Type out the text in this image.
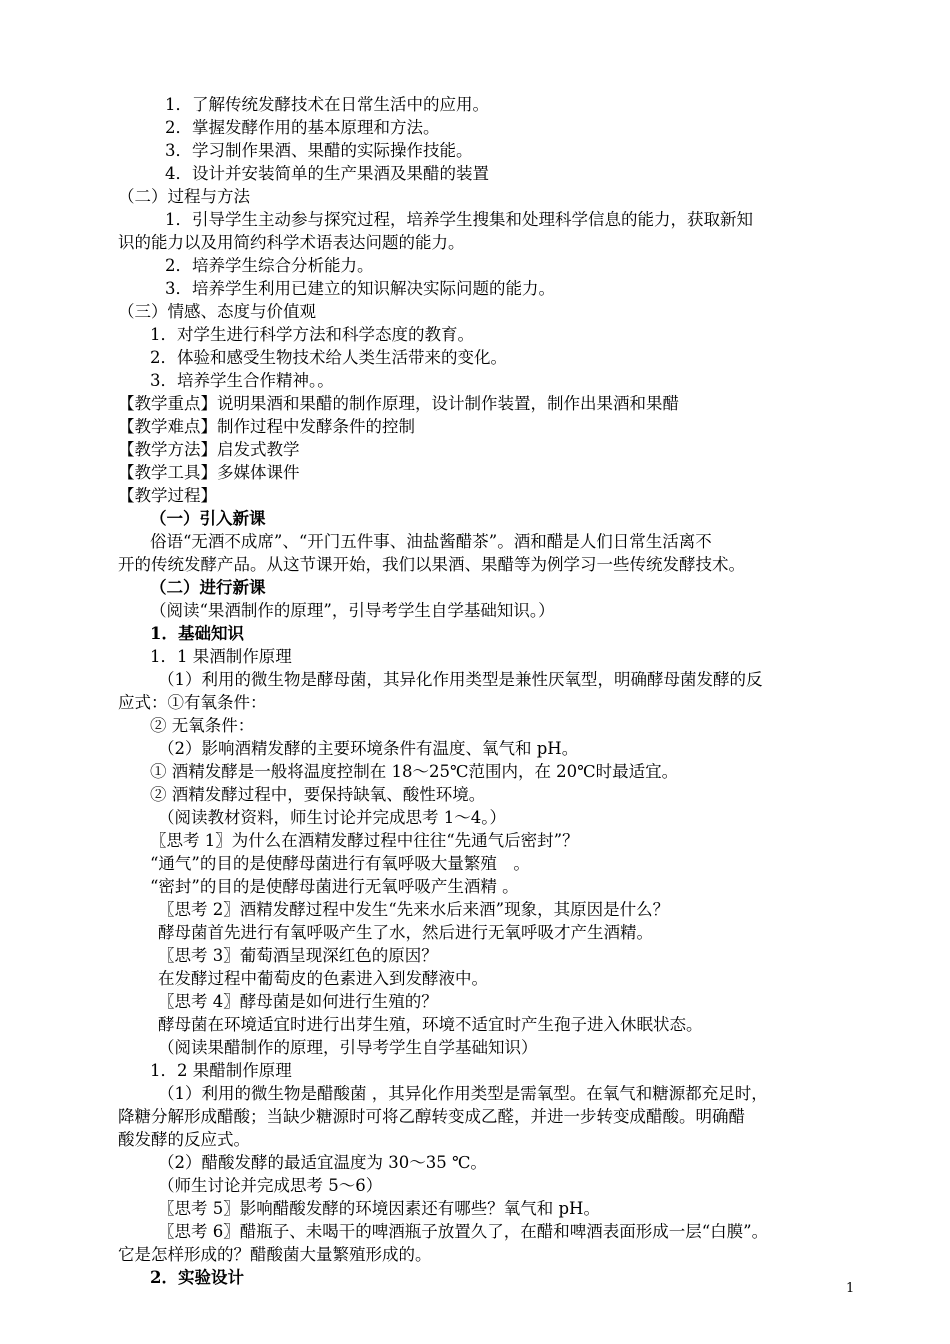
1．了解传统发酵技术在日常生活中的应用。
2．掌握发酵作用的基本原理和方法。
3．学习制作果酒、果醋的实际操作技能。
4．设计并安装简单的生产果酒及果醋的装置
（二）过程与方法
1．引导学生主动参与探究过程，培养学生搜集和处理科学信息的能力，获取新知
识的能力以及用简约科学术语表达问题的能力。
2．培养学生综合分析能力。
3．培养学生利用已建立的知识解决实际问题的能力。
（三）情感、态度与价值观
1．对学生进行科学方法和科学态度的教育。
2．体验和感受生物技术给人类生活带来的变化。
3．培养学生合作精神。。
【教学重点】说明果酒和果醋的制作原理，设计制作装置，制作出果酒和果醋
【教学难点】制作过程中发酵条件的控制
【教学方法】启发式教学
【教学工具】多媒体课件
【教学过程】
（一）引入新课
俗语“无酒不成席”、“开门五件事、油盐酱醋茶”。酒和醋是人们日常生活离不
开的传统发酵产品。从这节课开始，我们以果酒、果醋等为例学习一些传统发酵技术。
（二）进行新课
（阅读“果酒制作的原理”，引导考学生自学基础知识。）
1．基础知识
1．1 果酒制作原理
（1）利用的微生物是酵母菌，其异化作用类型是兼性厌氧型，明确酵母菌发酵的反
应式：①有氧条件：
② 无氧条件：
（2）影响酒精发酵的主要环境条件有温度、氧气和 pH。
① 酒精发酵是一般将温度控制在 18～25℃范围内，在 20℃时最适宜。
② 酒精发酵过程中，要保持缺氧、酸性环境。
（阅读教材资料，师生讨论并完成思考 1～4。）
〖思考 1〗为什么在酒精发酵过程中往往“先通气后密封”？
“通气”的目的是使酵母菌进行有氧呼吸大量繁殖　。
“密封”的目的是使酵母菌进行无氧呼吸产生酒精 。
〖思考 2〗酒精发酵过程中发生“先来水后来酒”现象，其原因是什么？
酵母菌首先进行有氧呼吸产生了水，然后进行无氧呼吸才产生酒精。
〖思考 3〗葡萄酒呈现深红色的原因？
在发酵过程中葡萄皮的色素进入到发酵液中。
〖思考 4〗酵母菌是如何进行生殖的？
酵母菌在环境适宜时进行出芽生殖，环境不适宜时产生孢子进入休眠状态。
（阅读果醋制作的原理，引导考学生自学基础知识）
1．2 果醋制作原理
（1）利用的微生物是醋酸菌 ，其异化作用类型是需氧型。在氧气和糖源都充足时，
降糖分解形成醋酸；当缺少糖源时可将乙醇转变成乙醛，并进一步转变成醋酸。明确醋
酸发酵的反应式。
（2）醋酸发酵的最适宜温度为 30～35 ℃。
（师生讨论并完成思考 5～6）
〖思考 5〗影响醋酸发酵的环境因素还有哪些？氧气和 pH。
〖思考 6〗醋瓶子、未喝干的啤酒瓶子放置久了，在醋和啤酒表面形成一层“白膜”。
它是怎样形成的？醋酸菌大量繁殖形成的。
2．实验设计
1
